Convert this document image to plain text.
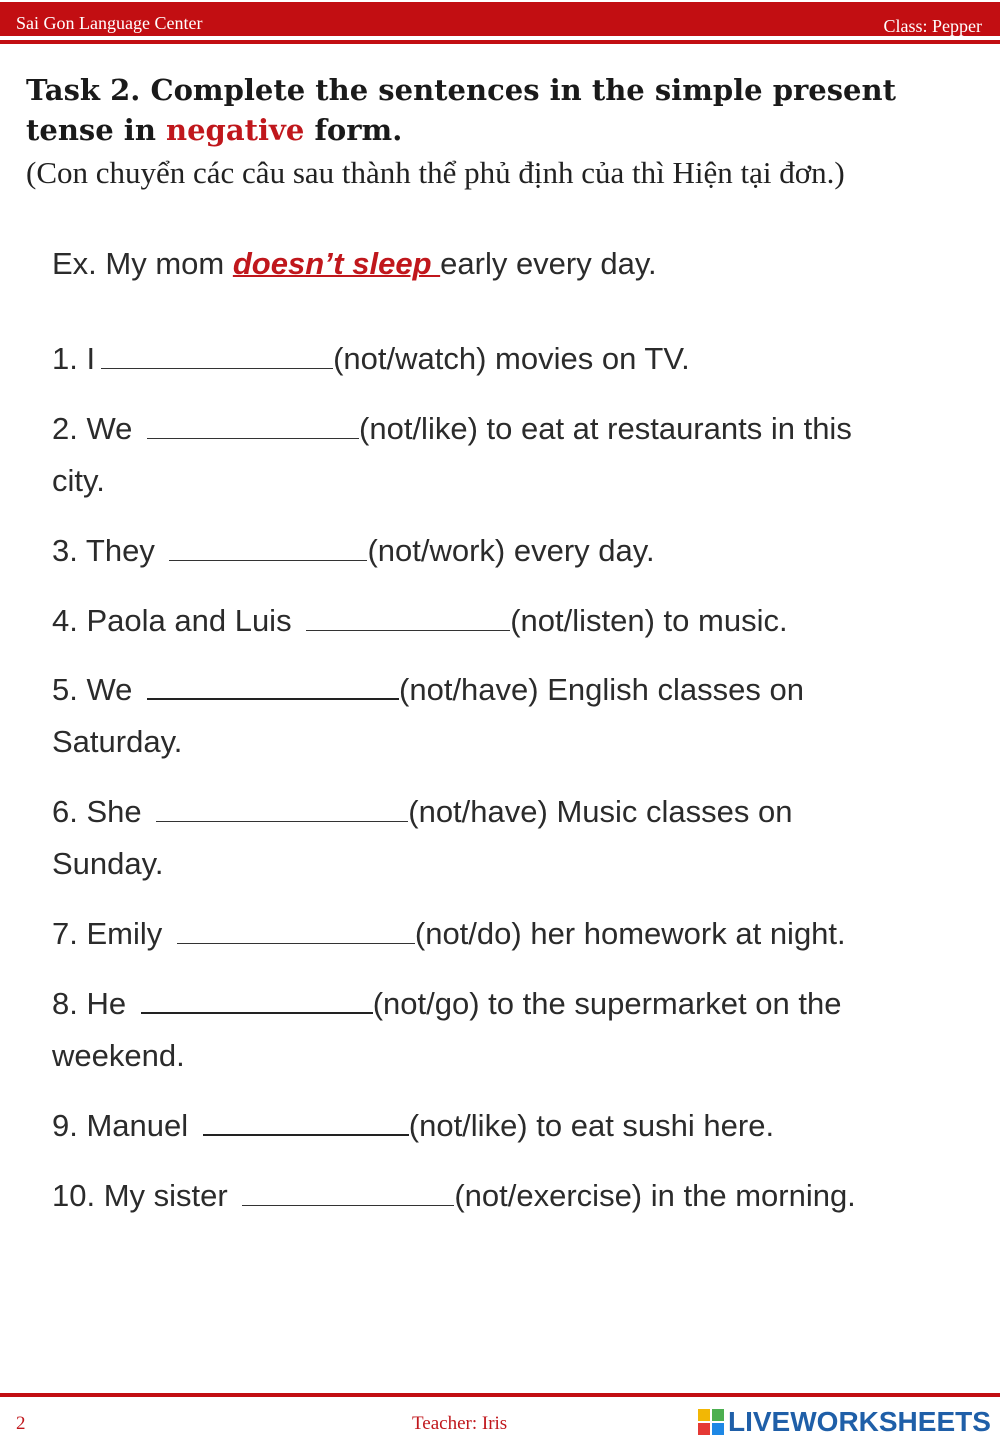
Sai Gon Language Center	Class: Pepper
Task 2. Complete the sentences in the simple present tense in negative form.
(Con chuyển các câu sau thành thể phủ định của thì Hiện tại đơn.)
Ex. My mom doesn’t sleep early every day.
1. I	(not/watch) movies on TV.
2. We	(not/like) to eat at restaurants in this
city.
3. They	(not/work) every day.
4. Paola and Luis	(not/listen) to music.
5. We	(not/have) English classes on
Saturday.
6. She	(not/have) Music classes on
Sunday.
7. Emily	(not/do) her homework at night.
8. He	(not/go) to the supermarket on the
weekend.
9. Manuel	(not/like) to eat sushi here.
10. My sister	(not/exercise) in the morning.
2	Teacher: Iris	LIVEWORKSHEETS
